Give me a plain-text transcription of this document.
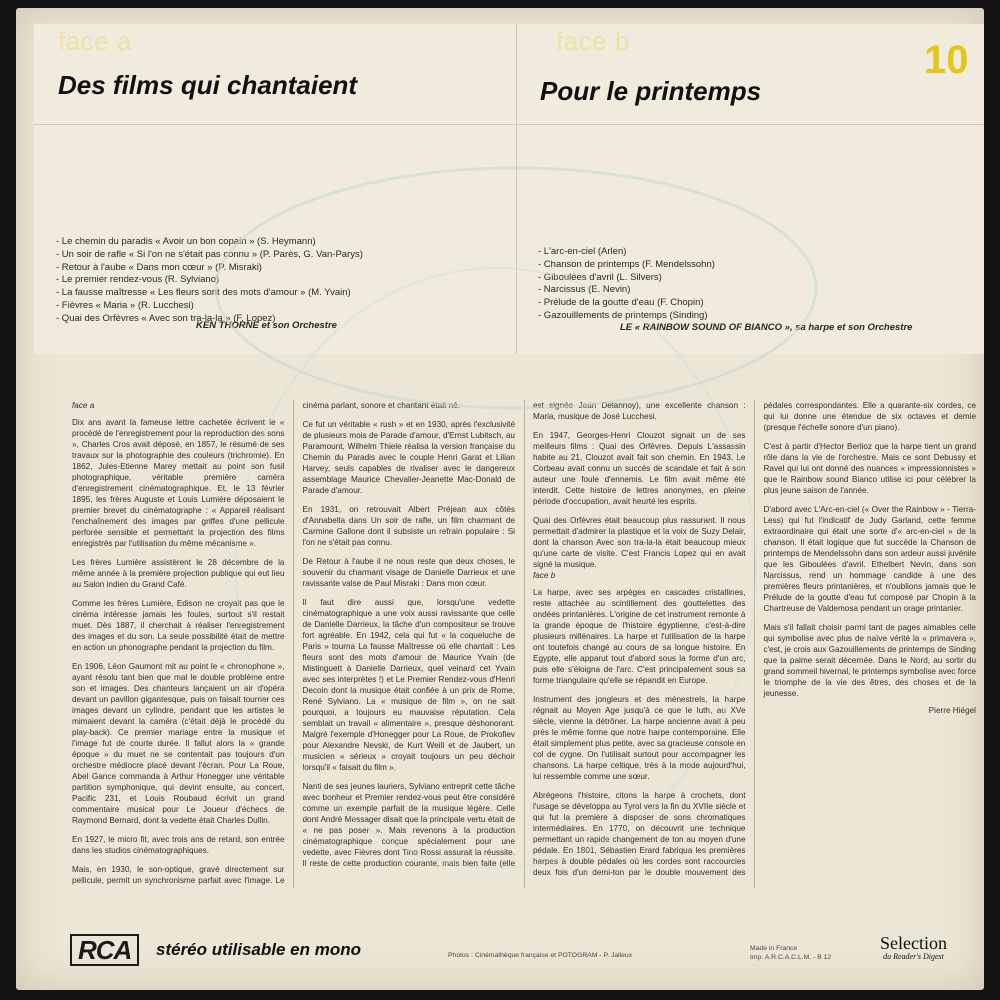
face a	face b
Des films qui chantaient	Pour le printemps
10
- Le chemin du paradis « Avoir un bon copain » (S. Heymann)
- Un soir de rafle « Si l'on ne s'était pas connu » (P. Parès, G. Van-Parys)
- Retour à l'aube « Dans mon cœur » (P. Misraki)
- Le premier rendez-vous (R. Sylviano)
- La fausse maîtresse « Les fleurs sont des mots d'amour » (M. Yvain)
- Fièvres « Maria » (R. Lucchesi)
- Quai des Orfèvres « Avec son tra-la-la » (F. Lopez)
KEN THORNE et son Orchestre
- L'arc-en-ciel (Arlen)
- Chanson de printemps (F. Mendelssohn)
- Giboulées d'avril (L. Silvers)
- Narcissus (E. Nevin)
- Prélude de la goutte d'eau (F. Chopin)
- Gazouillements de printemps (Sinding)
LE « RAINBOW SOUND OF BIANCO », sa harpe et son Orchestre

face a

Dix ans avant la fameuse lettre cachetée écrivent le « procédé de l'enregistrement pour la reproduction des sons », Charles Cros avait déposé, en 1857, le résumé de ses travaux sur la photographie des couleurs (trichromie). En 1862, Jules-Etienne Marey mettait au point son fusil photographique, véritable première caméra d'enregistrement cinématographique. Et, le 13 février 1895, les frères Auguste et Louis Lumière déposaient le premier brevet du cinématographe : « Appareil réalisant l'enchaînement des images par griffes d'une pellicule perforée sensible et permettant la projection des films enregistrés par l'utilisation du même mécanisme ».

Les frères Lumière assistèrent le 28 décembre de la même année à la première projection publique qui eut lieu au Salon indien du Grand Café.

Comme les frères Lumière, Edison ne croyait pas que le cinéma intéresse jamais les foules, surtout s'il restait muet. Dès 1887, il cherchait à réaliser l'enregistrement des images et du son. La seule possibilité était de mettre en action un phonographe pendant la projection du film.

En 1906, Léon Gaumont mit au point le « chronophone », ayant résolu tant bien que mal le double problème entre son et images. Des chanteurs lançaient un air d'opéra devant un pavillon gigantesque, puis on faisait tourner ces images devant un cylindre, pendant que les artistes le mimaient devant la caméra (c'était déjà le procédé du play-back). Ce premier mariage entre la musique et l'image fut de courte durée. Il fallut alors la « grande époque » du muet ne se contentait pas toujours d'un orchestre médiocre placé devant l'écran. Pour La Roue, Abel Gance commanda à Arthur Honegger une véritable partition symphonique, qui devint ensuite, au concert, Pacific 231, et Louis Roubaud écrivit un grand commentaire musical pour Le Joueur d'échecs de Raymond Bernard, dont la vedette était Charles Dullin.

En 1927, le micro fit, avec trois ans de retard, son entrée dans les studios cinématographiques.

Mais, en 1930, le son-optique, gravé directement sur pellicule, permit un synchronisme parfait avec l'image. Le cinéma parlant, sonore et chantant était né.

Ce fut un véritable « rush » et en 1930, après l'exclusivité de plusieurs mois de Parade d'amour, d'Ernst Lubitsch, au Paramount, Wilhelm Thiele réalisa la version française du Chemin du Paradis avec le couple Henri Garat et Lilian Harvey, seuls capables de rivaliser avec le dangereux assemblage Maurice Chevalier-Jeanette Mac-Donald de Parade d'amour.

En 1931, on retrouvait Albert Préjean aux côtés d'Annabella dans Un soir de rafle, un film charmant de Carmine Gallone dont il subsiste un refrain populaire : Si l'on ne s'était pas connu.

De Retour à l'aube il ne nous reste que deux choses, le souvenir du charmant visage de Danielle Darrieux et une ravissante valse de Paul Misraki : Dans mon cœur.

Il faut dire aussi que, lorsqu'une vedette cinématographique a une voix aussi ravissante que celle de Danielle Darrieux, la tâche d'un compositeur se trouve fort agréable. En 1942, cela qui fut « la coqueluche de Paris » tourna La fausse Maîtresse où elle chantait : Les fleurs sont des mots d'amour de Maurice Yvain (de Mistinguett à Danielle Darrieux, quel veinard cet Yvain avec ses interprètes !) et Le Premier Rendez-vous d'Henri Decoin dont la musique était confiée à un prix de Rome, René Sylviano. La « musique de film », on ne sait pourquoi, a toujours eu mauvaise réputation. Cela semblait un travail « alimentaire », presque déshonorant. Malgré l'exemple d'Honegger pour La Roue, de Prokofiev pour Alexandre Nevski, de Kurt Weill et de Jaubert, un musicien « sérieux » croyait toujours un peu déchoir lorsqu'il « faisait du film ».

Nanti de ses jeunes lauriers, Sylviano entreprit cette tâche avec bonheur et Premier rendez-vous peut être considéré comme un exemple parfait de la musique légère. Celle dont André Messager disait que la principale vertu était de « ne pas poser ». Mais revenons à la production cinématographique conçue spécialement pour une vedette, avec Fièvres dont Tino Rossi assurait la réussite. Il reste de cette production courante, mais bien faite (elle est signée Jean Delannoy), une excellente chanson : Maria, musique de José Lucchesi.

En 1947, Georges-Henri Clouzot signait un de ses meilleurs films : Quai des Orfèvres. Depuis L'assassin habite au 21, Clouzot avait fait son chemin. En 1943, Le Corbeau avait connu un succès de scandale et fait à son auteur une foule d'ennemis. Le film avait même été interdit. Cette histoire de lettres anonymes, en pleine période d'occupation, avait heurté les esprits.

Quai des Orfèvres était beaucoup plus rassurant. Il nous permettait d'admirer la plastique et la voix de Suzy Delair, dont la chanson Avec son tra-la-la était beaucoup mieux qu'une carte de visite. C'est Francis Lopez qui en avait signé la musique.

face b

La harpe, avec ses arpèges en cascades cristallines, reste attachée au scintillement des gouttelettes des ondées printanières. L'origine de cet instrument remonte à la grande époque de l'histoire égyptienne, c'est-à-dire plusieurs millénaires. La harpe et l'utilisation de la harpe ont toutefois changé au cours de sa longue histoire. En Egypte, elle apparut tout d'abord sous la forme d'un arc, puis elle s'éloigna de l'arc. C'est principalement sous sa forme triangulaire qu'elle se répandit en Europe.

Instrument des jongleurs et des ménestrels, la harpe régnait au Moyen Age jusqu'à ce que le luth, au XVe siècle, vienne la détrôner. La harpe ancienne avait à peu près le même forme que notre harpe contemporaine. Elle était simplement plus petite, avec sa gracieuse console en col de cygne. On l'utilisait surtout pour accompagner les chansons. La harpe celtique, très à la mode aujourd'hui, lui ressemble comme une sœur.

Abrégeons l'histoire, citons la harpe à crochets, dont l'usage se développa au Tyrol vers la fin du XVIIe siècle et qui fut la première à disposer de sons chromatiques intermédiaires. En 1770, on découvrit une technique permettant un rapide changement de ton au moyen d'une pédale. En 1801, Sébastien Erard fabriqua les premières harpes à double pédales où les cordes sont raccourcies deux fois d'un demi-ton par le double mouvement des pédales correspondantes. Elle a quarante-six cordes, ce qui lui donne une étendue de six octaves et demie (presque l'échelle sonore d'un piano).

C'est à partir d'Hector Berlioz que la harpe tient un grand rôle dans la vie de l'orchestre. Mais ce sont Debussy et Ravel qui lui ont donné des nuances « impressionnistes » que le Rainbow sound Bianco utilise ici pour célébrer la plus jeune saison de l'année.

D'abord avec L'Arc-en-ciel (« Over the Rainbow » - Tierra-Less) qui fut l'indicatif de Judy Garland, cette femme extraordinaire qui était une sorte d'« arc-en-ciel » de la chanson. Il était logique que fut succède la Chanson de printemps de Mendelssohn dans son ardeur aussi juvénile que les Giboulées d'avril. Ethelbert Nevin, dans son Narcissus, rend un hommage candide à une des premières fleurs printanières, et n'oublions jamais que le Prélude de la goutte d'eau fut composé par Chopin à la Chartreuse de Valdemosa pendant un orage printanier.

Mais s'il fallait choisir parmi tant de pages aimables celle qui symbolise avec plus de naïve vérité la « primavera », c'est, je crois aux Gazouillements de printemps de Sinding que la palme serait décernée. Dans le Nord, au sortir du grand sommeil hivernal, le printemps symbolise avec force le triomphe de la vie des êtres, des choses et de la jeunesse.

Pierre Hiégel

RCA	stéréo utilisable en mono	Photos : Cinémathèque française et POTOGRAM - P. Jalleux
Made in France
Imp. A.R.C.A.C.L.M. - B 12
Selection
du Reader's Digest
